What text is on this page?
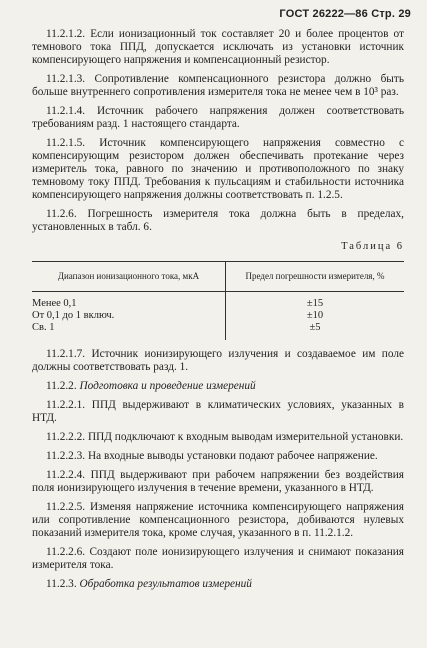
ГОСТ 26222—86 Стр. 29

11.2.1.2. Если ионизационный ток составляет 20 и более процентов от темнового тока ППД, допускается исключать из установки источник компенсирующего напряжения и компенсационный резистор.

11.2.1.3. Сопротивление компенсационного резистора должно быть больше внутреннего сопротивления измерителя тока не менее чем в 10³ раз.

11.2.1.4. Источник рабочего напряжения должен соответствовать требованиям разд. 1 настоящего стандарта.

11.2.1.5. Источник компенсирующего напряжения совместно с компенсирующим резистором должен обеспечивать протекание через измеритель тока, равного по значению и противоположного по знаку темновому току ППД. Требования к пульсациям и стабильности источника компенсирующего напряжения должны соответствовать п. 1.2.5.

11.2.6. Погрешность измерителя тока должна быть в пределах, установленных в табл. 6.

Таблица 6
Диапазон ионизационного тока, мкА	Предел погрешности измерителя, %
Менее 0,1	±15
От 0,1 до 1 включ.	±10
Св. 1	±5

11.2.1.7. Источник ионизирующего излучения и создаваемое им поле должны соответствовать разд. 1.

11.2.2. Подготовка и проведение измерений

11.2.2.1. ППД выдерживают в климатических условиях, указанных в НТД.

11.2.2.2. ППД подключают к входным выводам измерительной установки.

11.2.2.3. На входные выводы установки подают рабочее напряжение.

11.2.2.4. ППД выдерживают при рабочем напряжении без воздействия поля ионизирующего излучения в течение времени, указанного в НТД.

11.2.2.5. Изменяя напряжение источника компенсирующего напряжения или сопротивление компенсационного резистора, добиваются нулевых показаний измерителя тока, кроме случая, указанного в п. 11.2.1.2.

11.2.2.6. Создают поле ионизирующего излучения и снимают показания измерителя тока.

11.2.3. Обработка результатов измерений
